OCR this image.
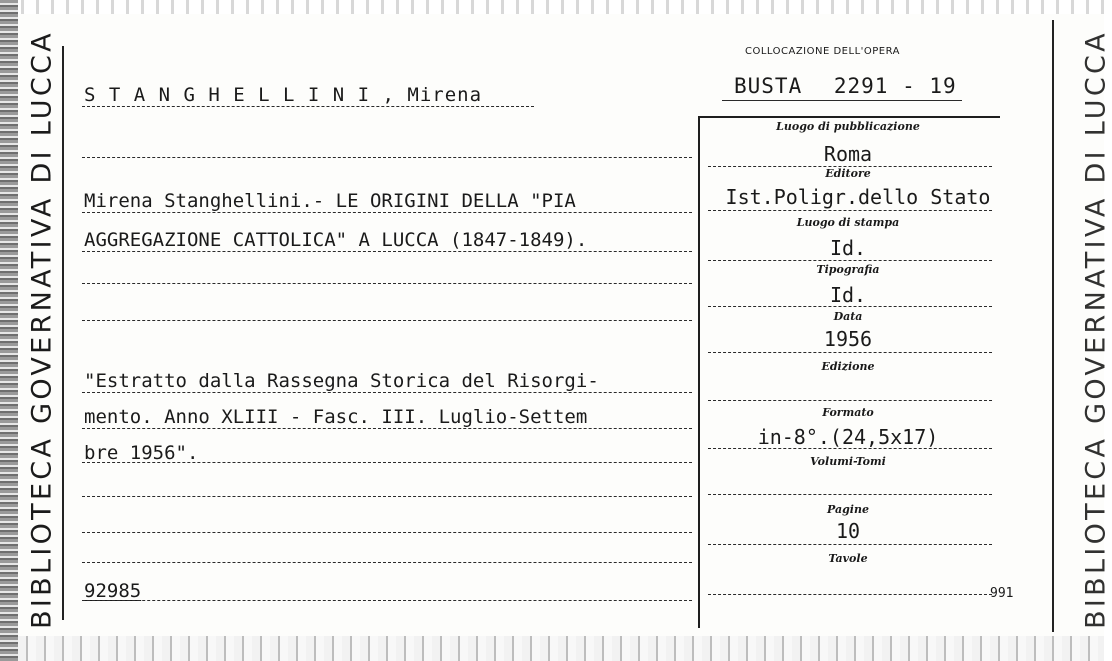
BIBLIOTECA GOVERNATIVA DI LUCCA	BIBLIOTECA GOVERNATIVA DI LUCCA
S T A N G H E L L I N I , Mirena
COLLOCAZIONE DELL'OPERA
BUSTA 2291 - 19
Mirena Stanghellini.- LE ORIGINI DELLA "PIA
AGGREGAZIONE CATTOLICA" A LUCCA (1847-1849).
"Estratto dalla Rassegna Storica del Risorgi-
mento. Anno XLIII - Fasc. III. Luglio-Settem
bre 1956".
92985
Luogo di pubblicazione
Roma
Editore
Ist.Poligr.dello Stato
Luogo di stampa
Id.
Tipografia
Id.
Data
1956
Edizione
Formato
in-8°.(24,5x17)
Volumi-Tomi
Pagine
10
Tavole
991
